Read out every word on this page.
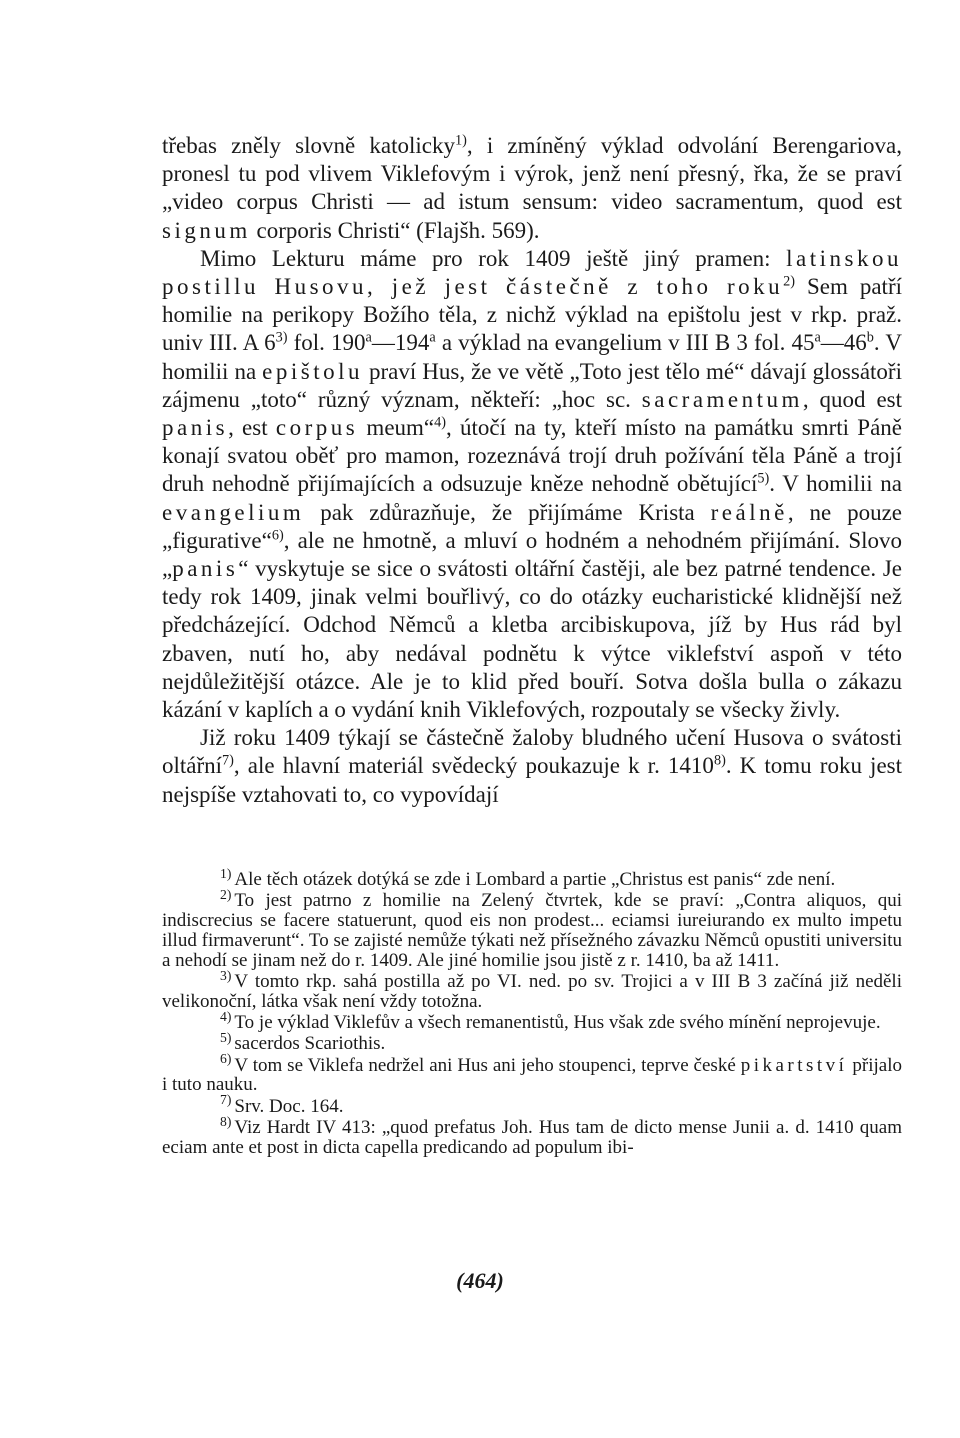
třebas zněly slovně katolicky$^{1)}$, i zmíněný výklad odvolání Berengariova, pronesl tu pod vlivem Viklefovým i výrok, jenž není přesný, řka, že se praví „video corpus Christi — ad istum sensum: video sacramentum, quod est signum corporis Christi“ (Flajšh. 569).

Mimo Lekturu máme pro rok 1409 ještě jiný pramen: latinskou postillu Husovu, jež jest částečně z toho roku$^{2)}$ Sem patří homilie na perikopy Božího těla, z nichž výklad na epištolu jest v rkp. praž. univ III. A 6$^{3)}$ fol. 190$^a$—194$^a$ a výklad na evangelium v III B 3 fol. 45$^a$—46$^b$. V homilii na epištolu praví Hus, že ve větě „Toto jest tělo mé“ dávají glossátoři zájmenu „toto“ různý význam, někteří: „hoc sc. sacramentum, quod est panis, est corpus meum“$^{4)}$, útočí na ty, kteří místo na památku smrti Páně konají svatou oběť pro mamon, rozeznává trojí druh požívání těla Páně a trojí druh nehodně přijímajících a odsuzuje kněze nehodně obětující$^{5)}$. V homilii na evangelium pak zdůrazňuje, že přijímáme Krista reálně, ne pouze „figurative“$^{6)}$, ale ne hmotně, a mluví o hodném a nehodném přijímání. Slovo „panis“ vyskytuje se sice o svátosti oltářní častěji, ale bez patrné tendence. Je tedy rok 1409, jinak velmi bouřlivý, co do otázky eucharistické klidnější než předcházející. Odchod Němců a kletba arcibiskupova, jíž by Hus rád byl zbaven, nutí ho, aby nedával podnětu k výtce viklefství aspoň v této nejdůležitější otázce. Ale je to klid před bouří. Sotva došla bulla o zákazu kázání v kaplích a o vydání knih Viklefových, rozpoutaly se všecky živly.

Již roku 1409 týkají se částečně žaloby bludného učení Husova o svátosti oltářní$^{7)}$, ale hlavní materiál svědecký poukazuje k r. 1410$^{8)}$. K tomu roku jest nejspíše vztahovati to, co vypovídají

$^{1)}$ Ale těch otázek dotýká se zde i Lombard a partie „Christus est panis“ zde není.

$^{2)}$ To jest patrno z homilie na Zelený čtvrtek, kde se praví: „Contra aliquos, qui indiscrecius se facere statuerunt, quod eis non prodest... eciamsi iureiurando ex multo impetu illud firmaverunt“. To se zajisté nemůže týkati než přísežného závazku Němců opustiti universitu a nehodí se jinam než do r. 1409. Ale jiné homilie jsou jistě z r. 1410, ba až 1411.

$^{3)}$ V tomto rkp. sahá postilla až po VI. ned. po sv. Trojici a v III B 3 začíná již neděli velikonoční, látka však není vždy totožna.

$^{4)}$ To je výklad Viklefův a všech remanentistů, Hus však zde svého mínění neprojevuje.

$^{5)}$ sacerdos Scariothis.

$^{6)}$ V tom se Viklefa nedržel ani Hus ani jeho stoupenci, teprve české pikartství přijalo i tuto nauku.

$^{7)}$ Srv. Doc. 164.

$^{8)}$ Viz Hardt IV 413: „quod prefatus Joh. Hus tam de dicto mense Junii a. d. 1410 quam eciam ante et post in dicta capella predicando ad populum ibi-

(464)
